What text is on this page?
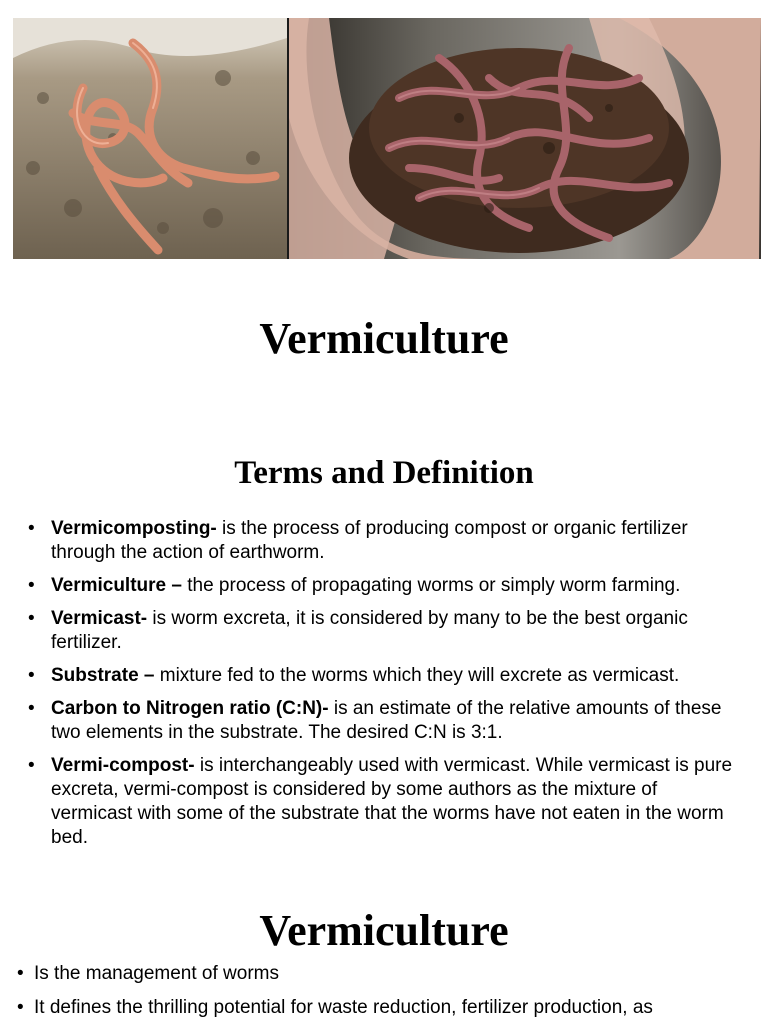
Vermiculture
Terms and Definition
• Vermicomposting- is the process of producing compost or organic fertilizer through the action of earthworm.
• Vermiculture – the process of propagating worms or simply worm farming.
• Vermicast- is worm excreta, it is considered by many to be the best organic fertilizer.
• Substrate – mixture fed to the worms which they will excrete as vermicast.
• Carbon to Nitrogen ratio (C:N)- is an estimate of the relative amounts of these two elements in the substrate. The desired C:N is 3:1.
• Vermi-compost- is interchangeably used with vermicast. While vermicast is pure excreta, vermi-compost is considered by some authors as the mixture of vermicast with some of the substrate that the worms have not eaten in the worm bed.
Vermiculture
• Is the management of worms
• It defines the thrilling potential for waste reduction, fertilizer production, as
